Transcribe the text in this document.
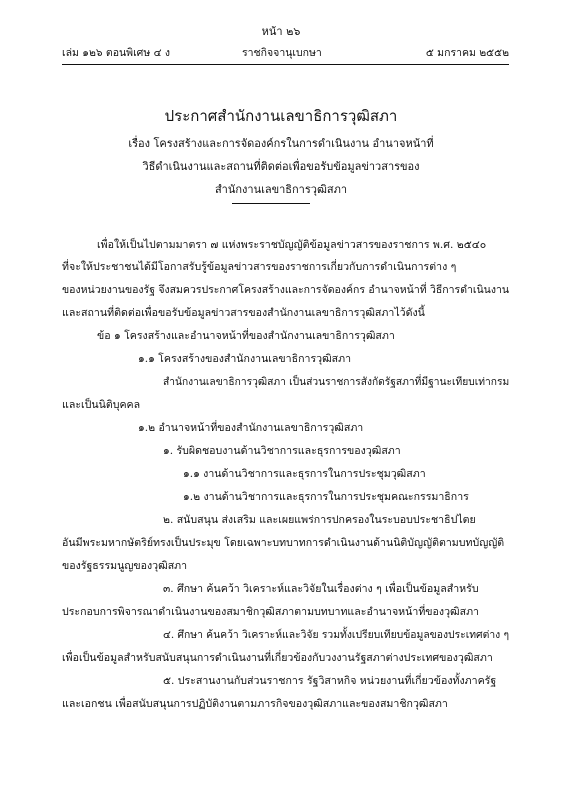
หน้า ๒๖
เล่ม ๑๒๖ ตอนพิเศษ ๔ ง	ราชกิจจานุเบกษา	๕ มกราคม ๒๕๕๒
ประกาศสำนักงานเลขาธิการวุฒิสภา
เรื่อง โครงสร้างและการจัดองค์กรในการดำเนินงาน อำนาจหน้าที่
วิธีดำเนินงานและสถานที่ติดต่อเพื่อขอรับข้อมูลข่าวสารของ
สำนักงานเลขาธิการวุฒิสภา
เพื่อให้เป็นไปตามมาตรา ๗ แห่งพระราชบัญญัติข้อมูลข่าวสารของราชการ พ.ศ. ๒๕๔๐
ที่จะให้ประชาชนได้มีโอกาสรับรู้ข้อมูลข่าวสารของราชการเกี่ยวกับการดำเนินการต่าง ๆ
ของหน่วยงานของรัฐ จึงสมควรประกาศโครงสร้างและการจัดองค์กร อำนาจหน้าที่ วิธีการดำเนินงาน
และสถานที่ติดต่อเพื่อขอรับข้อมูลข่าวสารของสำนักงานเลขาธิการวุฒิสภาไว้ดังนี้
ข้อ ๑ โครงสร้างและอำนาจหน้าที่ของสำนักงานเลขาธิการวุฒิสภา
๑.๑ โครงสร้างของสำนักงานเลขาธิการวุฒิสภา
สำนักงานเลขาธิการวุฒิสภา เป็นส่วนราชการสังกัดรัฐสภาที่มีฐานะเทียบเท่ากรม
และเป็นนิติบุคคล
๑.๒ อำนาจหน้าที่ของสำนักงานเลขาธิการวุฒิสภา
๑. รับผิดชอบงานด้านวิชาการและธุรการของวุฒิสภา
๑.๑ งานด้านวิชาการและธุรการในการประชุมวุฒิสภา
๑.๒ งานด้านวิชาการและธุรการในการประชุมคณะกรรมาธิการ
๒. สนับสนุน ส่งเสริม และเผยแพร่การปกครองในระบอบประชาธิปไตย
อันมีพระมหากษัตริย์ทรงเป็นประมุข โดยเฉพาะบทบาทการดำเนินงานด้านนิติบัญญัติตามบทบัญญัติ
ของรัฐธรรมนูญของวุฒิสภา
๓. ศึกษา ค้นคว้า วิเคราะห์และวิจัยในเรื่องต่าง ๆ เพื่อเป็นข้อมูลสำหรับ
ประกอบการพิจารณาดำเนินงานของสมาชิกวุฒิสภาตามบทบาทและอำนาจหน้าที่ของวุฒิสภา
๔. ศึกษา ค้นคว้า วิเคราะห์และวิจัย รวมทั้งเปรียบเทียบข้อมูลของประเทศต่าง ๆ
เพื่อเป็นข้อมูลสำหรับสนับสนุนการดำเนินงานที่เกี่ยวข้องกับวงงานรัฐสภาต่างประเทศของวุฒิสภา
๕. ประสานงานกับส่วนราชการ รัฐวิสาหกิจ หน่วยงานที่เกี่ยวข้องทั้งภาครัฐ
และเอกชน เพื่อสนับสนุนการปฏิบัติงานตามภารกิจของวุฒิสภาและของสมาชิกวุฒิสภา
